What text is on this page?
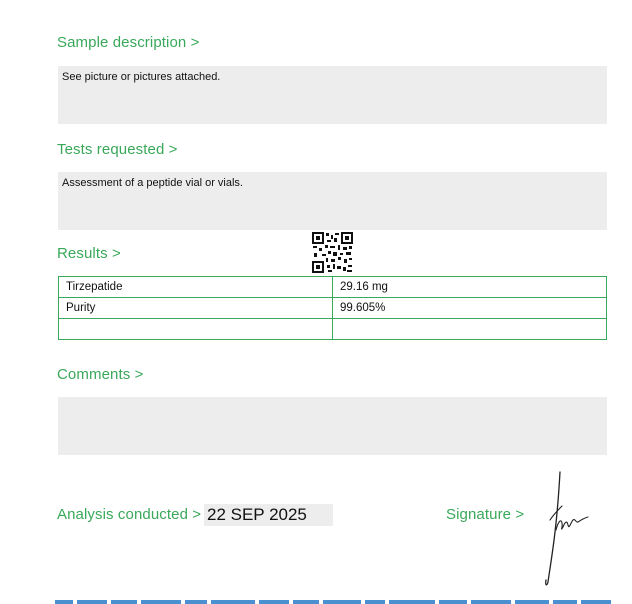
Sample description >
See picture or pictures attached.
Tests requested >
Assessment of a peptide vial or vials.
Results >
Tirzepatide	29.16 mg
Purity	99.605%

Comments >
Analysis conducted > 22 SEP 2025	Signature >
